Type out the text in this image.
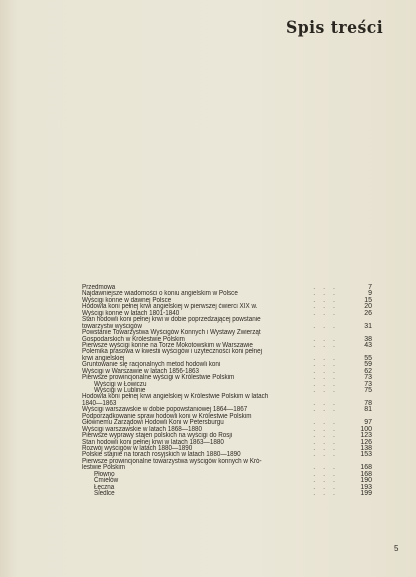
Spis treści
Przedmowa	. . .	7
Najdawniejsze wiadomości o koniu angielskim w Polsce	. . .	9
Wyścigi konne w dawnej Polsce	. . .	15
Hodowla koni pełnej krwi angielskiej w pierwszej ćwierci XIX w.	. . .	20
Wyścigi konne w latach 1801-1840	. . .	26
Stan hodowli koni pełnej krwi w dobie poprzedzającej powstanie
towarzystw wyścigów	. . .	31
Powstanie Towarzystwa Wyścigów Konnych i Wystawy Zwierząt
Gospodarskich w Królestwie Polskim	. . .	38
Pierwsze wyścigi konne na Torze Mokotowskim w Warszawie	. . .	43
Polemika prasowa w kwestii wyścigów i użyteczności koni pełnej
krwi angielskiej	. . .	55
Gruntowanie się racjonalnych metod hodowli koni	. . .	59
Wyścigi w Warszawie w latach 1856-1863	. . .	62
Pierwsze prowincjonalne wyścigi w Królestwie Polskim	. . .	73
Wyścigi w Łowiczu	. . .	73
Wyścigi w Lublinie	. . .	75
Hodowla koni pełnej krwi angielskiej w Królestwie Polskim w latach
1840—1863	. . .	78
Wyścigi warszawskie w dobie popowstaniowej 1864—1867	. . .	81
Podporządkowanie spraw hodowli koni w Królestwie Polskim
Głównemu Zarządowi Hodowli Koni w Petersburgu	. . .	97
Wyścigi warszawskie w latach 1868—1880	. . .	100
Pierwsze wyprawy stajen polskich na wyścigi do Rosji	. . .	123
Stan hodowli koni pełnej krwi w latach 1863—1880	. . .	126
Rozwój wyścigów w latach 1880—1890	. . .	138
Polskie stajnie na torach rosyjskich w latach 1880—1890	. . .	153
Pierwsze prowincjonalne towarzystwa wyścigów konnych w Kró-
lestwie Polskim	. . .	168
Płowno	. . .	168
Ćmielów	. . .	190
Łęczna	. . .	193
Siedlce	. . .	199
5
